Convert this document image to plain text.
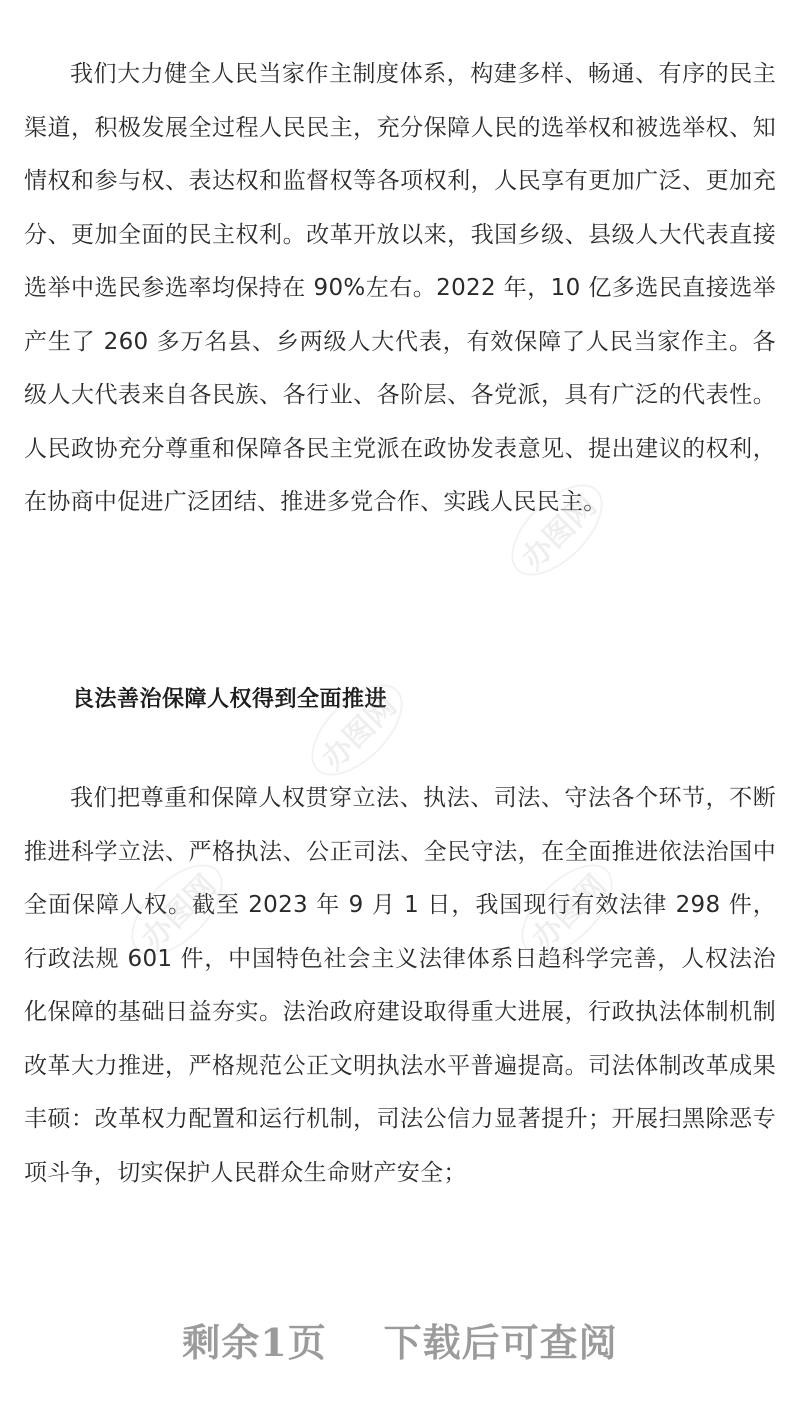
我们大力健全人民当家作主制度体系，构建多样、畅通、有序的民主渠道，积极发展全过程人民民主，充分保障人民的选举权和被选举权、知情权和参与权、表达权和监督权等各项权利，人民享有更加广泛、更加充分、更加全面的民主权利。改革开放以来，我国乡级、县级人大代表直接选举中选民参选率均保持在 90%左右。2022 年，10 亿多选民直接选举产生了 260 多万名县、乡两级人大代表，有效保障了人民当家作主。各级人大代表来自各民族、各行业、各阶层、各党派，具有广泛的代表性。人民政协充分尊重和保障各民主党派在政协发表意见、提出建议的权利，在协商中促进广泛团结、推进多党合作、实践人民民主。

良法善治保障人权得到全面推进

我们把尊重和保障人权贯穿立法、执法、司法、守法各个环节，不断推进科学立法、严格执法、公正司法、全民守法，在全面推进依法治国中全面保障人权。截至 2023 年 9 月 1 日，我国现行有效法律 298 件，行政法规 601 件，中国特色社会主义法律体系日趋科学完善，人权法治化保障的基础日益夯实。法治政府建设取得重大进展，行政执法体制机制改革大力推进，严格规范公正文明执法水平普遍提高。司法体制改革成果丰硕：改革权力配置和运行机制，司法公信力显著提升；开展扫黑除恶专项斗争，切实保护人民群众生命财产安全；

办图网
办图网
办图网	办图网
剩余1页 下载后可查阅
